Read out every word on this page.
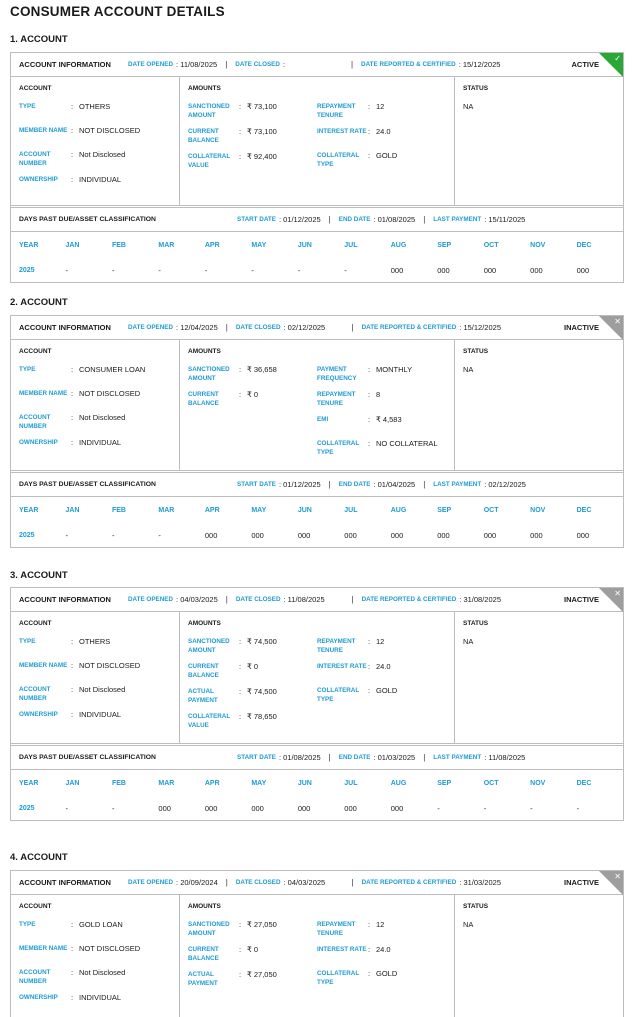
CONSUMER ACCOUNT DETAILS
1. ACCOUNT
ACCOUNT INFORMATION	DATE OPENED : 11/08/2025 | DATE CLOSED :	| DATE REPORTED & CERTIFIED : 15/12/2025	ACTIVE
✓
ACCOUNT
TYPE	: OTHERS
MEMBER NAME : NOT DISCLOSED
ACCOUNT NUMBER
: Not Disclosed
OWNERSHIP	: INDIVIDUAL
AMOUNTS
SANCTIONED AMOUNT
: ₹ 73,100
CURRENT BALANCE
: ₹ 73,100
COLLATERAL VALUE
: ₹ 92,400
REPAYMENT TENURE
: 12
INTEREST RATE : 24.0
COLLATERAL TYPE
: GOLD
STATUS
NA
DAYS PAST DUE/ASSET CLASSIFICATION	START DATE : 01/12/2025 | END DATE : 01/08/2025 | LAST PAYMENT : 15/11/2025
YEAR	JAN	FEB	MAR	APR	MAY	JUN	JUL	AUG	SEP	OCT	NOV	DEC
2025	-	-	-	-	-	-	-	000	000	000	000	000
2. ACCOUNT
ACCOUNT INFORMATION	DATE OPENED : 12/04/2025 | DATE CLOSED : 02/12/2025	| DATE REPORTED & CERTIFIED : 15/12/2025	INACTIVE
✕
ACCOUNT
TYPE	: CONSUMER LOAN
MEMBER NAME : NOT DISCLOSED
ACCOUNT NUMBER
: Not Disclosed
OWNERSHIP	: INDIVIDUAL
AMOUNTS
SANCTIONED AMOUNT
: ₹ 36,658
CURRENT BALANCE
: ₹ 0
PAYMENT FREQUENCY
: MONTHLY
REPAYMENT TENURE
: 8
EMI	: ₹ 4,583
COLLATERAL TYPE
: NO COLLATERAL
STATUS
NA
DAYS PAST DUE/ASSET CLASSIFICATION	START DATE : 01/12/2025 | END DATE : 01/04/2025 | LAST PAYMENT : 02/12/2025
YEAR	JAN	FEB	MAR	APR	MAY	JUN	JUL	AUG	SEP	OCT	NOV	DEC
2025	-	-	-	000	000	000	000	000	000	000	000	000
3. ACCOUNT
ACCOUNT INFORMATION	DATE OPENED : 04/03/2025 | DATE CLOSED : 11/08/2025	| DATE REPORTED & CERTIFIED : 31/08/2025	INACTIVE
✕
ACCOUNT
TYPE	: OTHERS
MEMBER NAME : NOT DISCLOSED
ACCOUNT NUMBER
: Not Disclosed
OWNERSHIP	: INDIVIDUAL
AMOUNTS
SANCTIONED AMOUNT
: ₹ 74,500
CURRENT BALANCE
: ₹ 0
ACTUAL PAYMENT
: ₹ 74,500
COLLATERAL VALUE
: ₹ 78,650
REPAYMENT TENURE
: 12
INTEREST RATE : 24.0
COLLATERAL TYPE
: GOLD
STATUS
NA
DAYS PAST DUE/ASSET CLASSIFICATION	START DATE : 01/08/2025 | END DATE : 01/03/2025 | LAST PAYMENT : 11/08/2025
YEAR	JAN	FEB	MAR	APR	MAY	JUN	JUL	AUG	SEP	OCT	NOV	DEC
2025	-	-	000	000	000	000	000	000	-	-	-	-
4. ACCOUNT
ACCOUNT INFORMATION	DATE OPENED : 20/09/2024 | DATE CLOSED : 04/03/2025	| DATE REPORTED & CERTIFIED : 31/03/2025	INACTIVE
✕
ACCOUNT
TYPE	: GOLD LOAN
MEMBER NAME : NOT DISCLOSED
ACCOUNT NUMBER
: Not Disclosed
OWNERSHIP	: INDIVIDUAL
AMOUNTS
SANCTIONED AMOUNT
: ₹ 27,050
CURRENT BALANCE
: ₹ 0
ACTUAL PAYMENT
: ₹ 27,050
REPAYMENT TENURE
: 12
INTEREST RATE : 24.0
COLLATERAL TYPE
: GOLD
STATUS
NA
